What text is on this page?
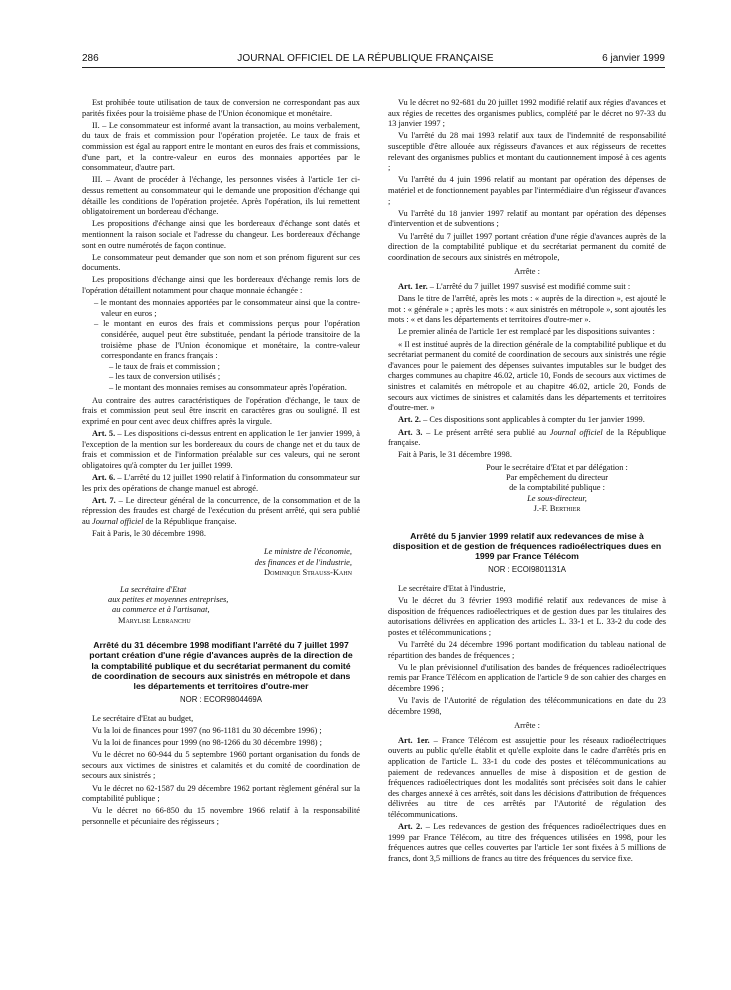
286	JOURNAL OFFICIEL DE LA RÉPUBLIQUE FRANÇAISE	6 janvier 1999

Est prohibée toute utilisation de taux de conversion ne correspondant pas aux parités fixées pour la troisième phase de l'Union économique et monétaire.

II. – Le consommateur est informé avant la transaction, au moins verbalement, du taux de frais et commission pour l'opération projetée. Le taux de frais et commission est égal au rapport entre le montant en euros des frais et commissions, d'une part, et la contre-valeur en euros des monnaies apportées par le consommateur, d'autre part.

III. – Avant de procéder à l'échange, les personnes visées à l'article 1er ci-dessus remettent au consommateur qui le demande une proposition d'échange qui détaille les conditions de l'opération projetée. Après l'opération, ils lui remettent obligatoirement un bordereau d'échange.

Les propositions d'échange ainsi que les bordereaux d'échange sont datés et mentionnent la raison sociale et l'adresse du changeur. Les bordereaux d'échange sont en outre numérotés de façon continue.

Le consommateur peut demander que son nom et son prénom figurent sur ces documents.

Les propositions d'échange ainsi que les bordereaux d'échange remis lors de l'opération détaillent notamment pour chaque monnaie échangée :

– le montant des monnaies apportées par le consommateur ainsi que la contre-valeur en euros ;
– le montant en euros des frais et commissions perçus pour l'opération considérée, auquel peut être substituée, pendant la période transitoire de la troisième phase de l'Union économique et monétaire, la contre-valeur correspondante en francs français :
– le taux de frais et commission ;
– les taux de conversion utilisés ;
– le montant des monnaies remises au consommateur après l'opération.

Au contraire des autres caractéristiques de l'opération d'échange, le taux de frais et commission peut seul être inscrit en caractères gras ou souligné. Il est exprimé en pour cent avec deux chiffres après la virgule.

Art. 5. – Les dispositions ci-dessus entrent en application le 1er janvier 1999, à l'exception de la mention sur les bordereaux du cours de change net et du taux de frais et commission et de l'information préalable sur ces valeurs, qui ne seront obligatoires qu'à compter du 1er juillet 1999.

Art. 6. – L'arrêté du 12 juillet 1990 relatif à l'information du consommateur sur les prix des opérations de change manuel est abrogé.

Art. 7. – Le directeur général de la concurrence, de la consommation et de la répression des fraudes est chargé de l'exécution du présent arrêté, qui sera publié au Journal officiel de la République française.

Fait à Paris, le 30 décembre 1998.

Le ministre de l'économie,
des finances et de l'industrie,
Dominique Strauss-Kahn
La secrétaire d'Etat
aux petites et moyennes entreprises,
au commerce et à l'artisanat,
Marylise Lebranchu
Arrêté du 31 décembre 1998 modifiant l'arrêté du 7 juillet 1997 portant création d'une régie d'avances auprès de la direction de la comptabilité publique et du secrétariat permanent du comité de coordination de secours aux sinistrés en métropole et dans les départements et territoires d'outre-mer
NOR : ECOR9804469A

Le secrétaire d'Etat au budget,

Vu la loi de finances pour 1997 (no 96-1181 du 30 décembre 1996) ;

Vu la loi de finances pour 1999 (no 98-1266 du 30 décembre 1998) ;

Vu le décret no 60-944 du 5 septembre 1960 portant organisation du fonds de secours aux victimes de sinistres et calamités et du comité de coordination de secours aux sinistrés ;

Vu le décret no 62-1587 du 29 décembre 1962 portant règlement général sur la comptabilité publique ;

Vu le décret no 66-850 du 15 novembre 1966 relatif à la responsabilité personnelle et pécuniaire des régisseurs ;

Vu le décret no 92-681 du 20 juillet 1992 modifié relatif aux régies d'avances et aux régies de recettes des organismes publics, complété par le décret no 97-33 du 13 janvier 1997 ;

Vu l'arrêté du 28 mai 1993 relatif aux taux de l'indemnité de responsabilité susceptible d'être allouée aux régisseurs d'avances et aux régisseurs de recettes relevant des organismes publics et montant du cautionnement imposé à ces agents ;

Vu l'arrêté du 4 juin 1996 relatif au montant par opération des dépenses de matériel et de fonctionnement payables par l'intermédiaire d'un régisseur d'avances ;

Vu l'arrêté du 18 janvier 1997 relatif au montant par opération des dépenses d'intervention et de subventions ;

Vu l'arrêté du 7 juillet 1997 portant création d'une régie d'avances auprès de la direction de la comptabilité publique et du secrétariat permanent du comité de coordination de secours aux sinistrés en métropole,

Arrête :

Art. 1er. – L'arrêté du 7 juillet 1997 susvisé est modifié comme suit :

Dans le titre de l'arrêté, après les mots : « auprès de la direction », est ajouté le mot : « générale » ; après les mots : « aux sinistrés en métropole », sont ajoutés les mots : « et dans les départements et territoires d'outre-mer ».

Le premier alinéa de l'article 1er est remplacé par les dispositions suivantes :

« Il est institué auprès de la direction générale de la comptabilité publique et du secrétariat permanent du comité de coordination de secours aux sinistrés une régie d'avances pour le paiement des dépenses suivantes imputables sur le budget des charges communes au chapitre 46.02, article 10, Fonds de secours aux victimes de sinistres et calamités en métropole et au chapitre 46.02, article 20, Fonds de secours aux victimes de sinistres et calamités dans les départements et territoires d'outre-mer. »

Art. 2. – Ces dispositions sont applicables à compter du 1er janvier 1999.

Art. 3. – Le présent arrêté sera publié au Journal officiel de la République française.

Fait à Paris, le 31 décembre 1998.

Pour le secrétaire d'Etat et par délégation :
Par empêchement du directeur
de la comptabilité publique :
Le sous-directeur,
J.-F. Berthier
Arrêté du 5 janvier 1999 relatif aux redevances de mise à disposition et de gestion de fréquences radioélectriques dues en 1999 par France Télécom
NOR : ECOI9801131A

Le secrétaire d'Etat à l'industrie,

Vu le décret du 3 février 1993 modifié relatif aux redevances de mise à disposition de fréquences radioélectriques et de gestion dues par les titulaires des autorisations délivrées en application des articles L. 33-1 et L. 33-2 du code des postes et télécommunications ;

Vu l'arrêté du 24 décembre 1996 portant modification du tableau national de répartition des bandes de fréquences ;

Vu le plan prévisionnel d'utilisation des bandes de fréquences radioélectriques remis par France Télécom en application de l'article 9 de son cahier des charges en décembre 1996 ;

Vu l'avis de l'Autorité de régulation des télécommunications en date du 23 décembre 1998,

Arrête :

Art. 1er. – France Télécom est assujettie pour les réseaux radioélectriques ouverts au public qu'elle établit et qu'elle exploite dans le cadre d'arrêtés pris en application de l'article L. 33-1 du code des postes et télécommunications au paiement de redevances annuelles de mise à disposition et de gestion de fréquences radioélectriques dont les modalités sont précisées soit dans le cahier des charges annexé à ces arrêtés, soit dans les décisions d'attribution de fréquences délivrées au titre de ces arrêtés par l'Autorité de régulation des télécommunications.

Art. 2. – Les redevances de gestion des fréquences radioélectriques dues en 1999 par France Télécom, au titre des fréquences utilisées en 1998, pour les fréquences autres que celles couvertes par l'article 1er sont fixées à 5 millions de francs, dont 3,5 millions de francs au titre des fréquences du service fixe.
